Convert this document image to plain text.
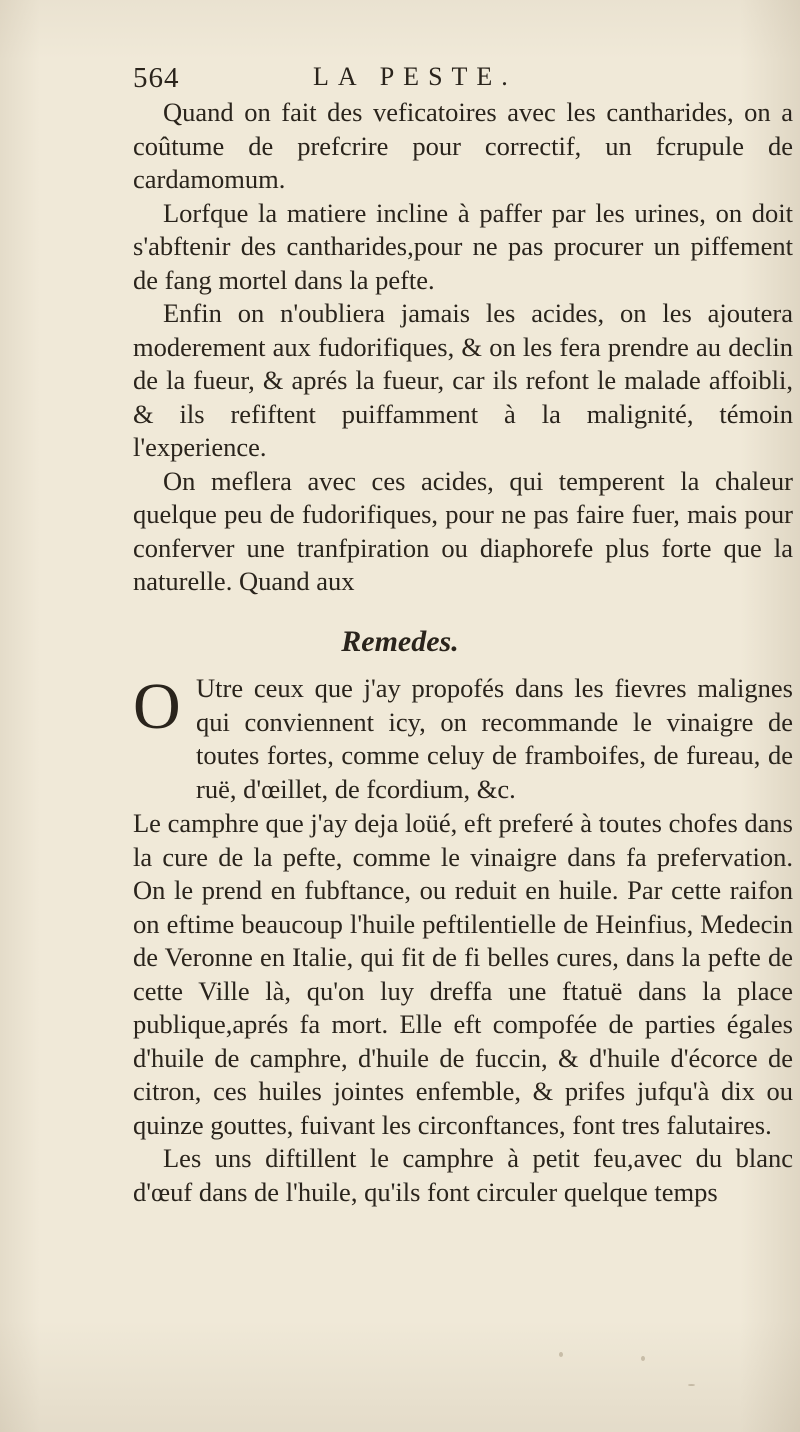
564	LA PESTE.

Quand on fait des veficatoires avec les cantharides, on a coûtume de prefcrire pour correctif, un fcrupule de cardamomum.

Lorfque la matiere incline à paffer par les urines, on doit s'abftenir des cantharides,pour ne pas procurer un piffement de fang mortel dans la pefte.

Enfin on n'oubliera jamais les acides, on les ajoutera moderement aux fudorifiques, & on les fera prendre au declin de la fueur, & aprés la fueur, car ils refont le malade affoibli, & ils refiftent puiffamment à la malignité, témoin l'experience.

On meflera avec ces acides, qui temperent la chaleur quelque peu de fudorifiques, pour ne pas faire fuer, mais pour conferver une tranfpiration ou diaphorefe plus forte que la naturelle. Quand aux

Remedes.
O Utre ceux que j'ay propofés dans les fievres malignes qui conviennent icy, on recommande le vinaigre de toutes fortes, comme celuy de framboifes, de fureau, de ruë, d'œillet, de fcordium, &c.

Le camphre que j'ay deja loüé, eft preferé à toutes chofes dans la cure de la pefte, comme le vinaigre dans fa prefervation. On le prend en fubftance, ou reduit en huile. Par cette raifon on eftime beaucoup l'huile peftilentielle de Heinfius, Medecin de Veronne en Italie, qui fit de fi belles cures, dans la pefte de cette Ville là, qu'on luy dreffa une ftatuë dans la place publique,aprés fa mort. Elle eft compofée de parties égales d'huile de camphre, d'huile de fuccin, & d'huile d'écorce de citron, ces huiles jointes enfemble, & prifes jufqu'à dix ou quinze gouttes, fuivant les circonftances, font tres falutaires.

Les uns diftillent le camphre à petit feu,avec du blanc d'œuf dans de l'huile, qu'ils font circuler quelque temps
